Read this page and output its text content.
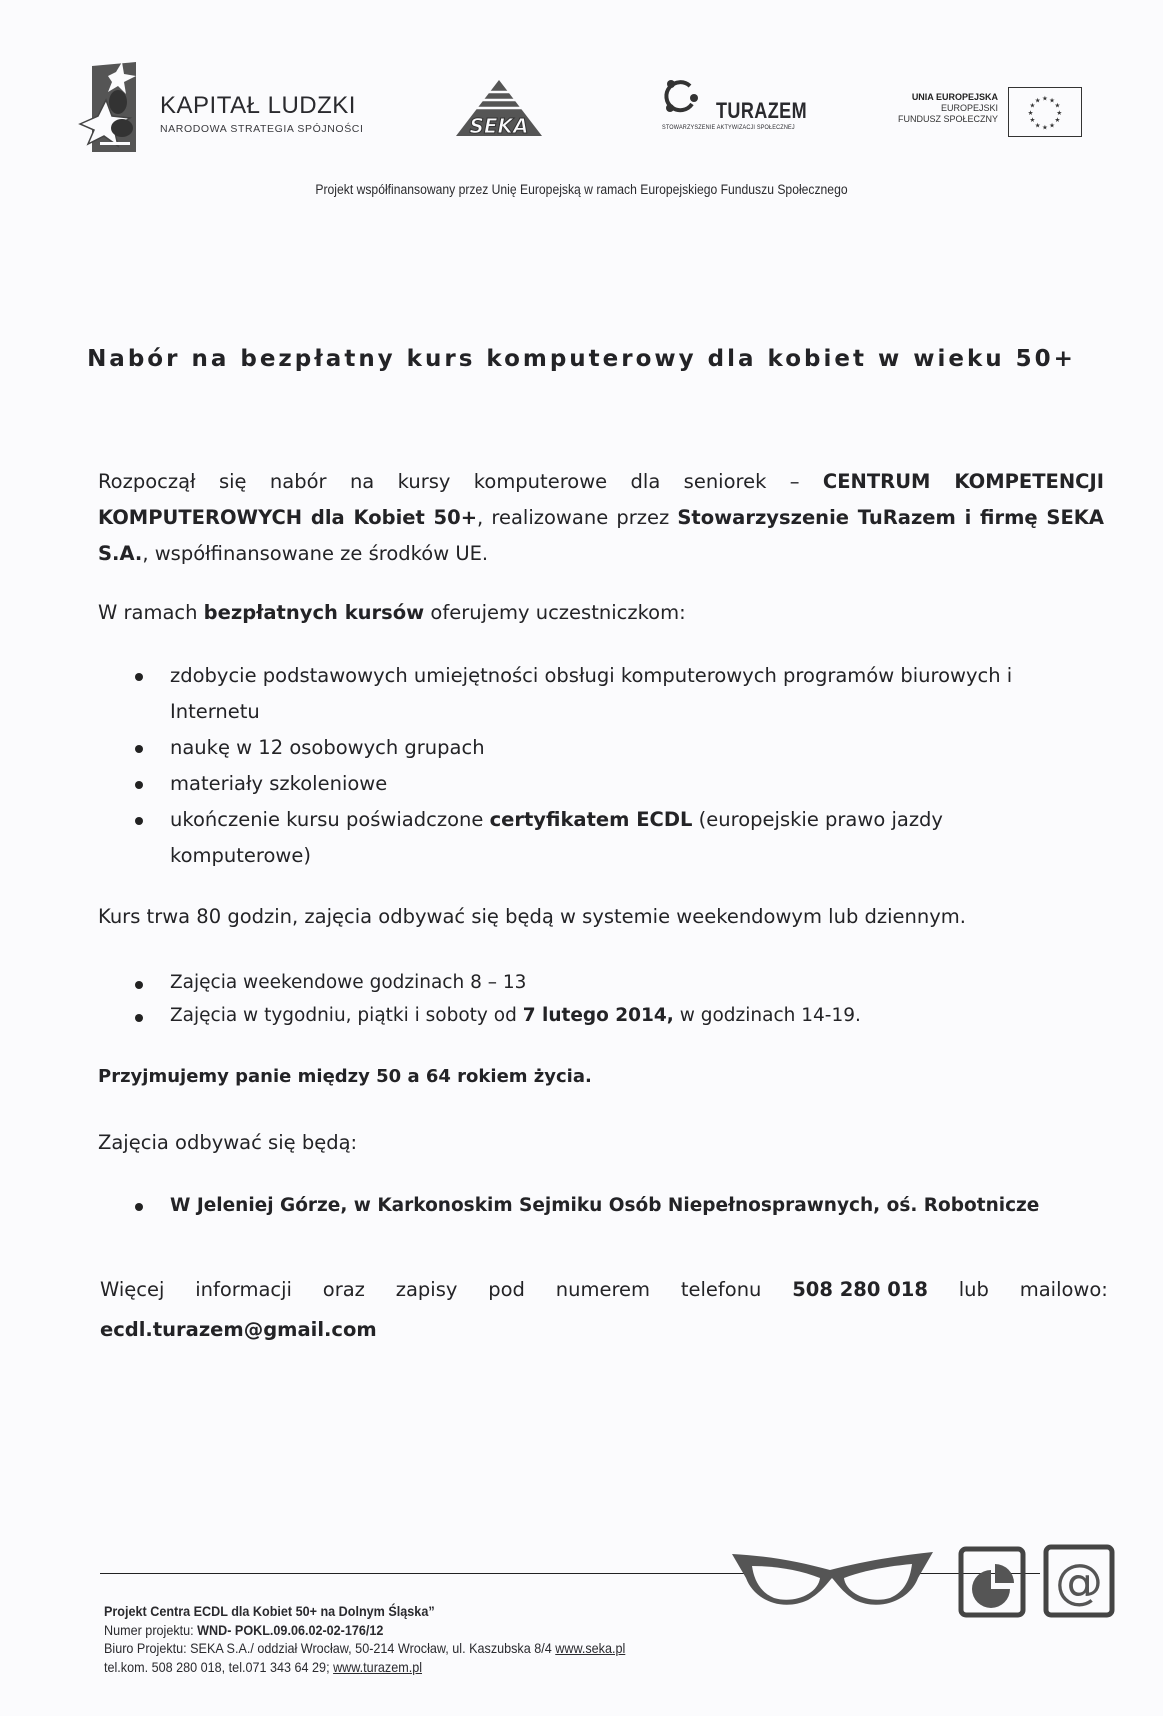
KAPITAŁ LUDZKI
NARODOWA STRATEGIA SPÓJNOŚCI	SEKA
TURAZEM
STOWARZYSZENIE AKTYWIZACJI SPOŁECZNEJ
UNIA EUROPEJSKA
EUROPEJSKI
FUNDUSZ SPOŁECZNY
★
★
★
★
★
★
★
★
★ ★ ★
★
Projekt współfinansowany przez Unię Europejską w ramach Europejskiego Funduszu Społecznego
Nabór na bezpłatny kurs komputerowy dla kobiet w wieku 50+
Rozpoczął się nabór na kursy komputerowe dla seniorek – CENTRUM KOMPETENCJI KOMPUTEROWYCH dla Kobiet 50+, realizowane przez Stowarzyszenie TuRazem i firmę SEKA S.A., współfinansowane ze środków UE.
W ramach bezpłatnych kursów oferujemy uczestniczkom:
zdobycie podstawowych umiejętności obsługi komputerowych programów biurowych i Internetu
naukę w 12 osobowych grupach
materiały szkoleniowe
ukończenie kursu poświadczone certyfikatem ECDL (europejskie prawo jazdy komputerowe)
Kurs trwa 80 godzin, zajęcia odbywać się będą w systemie weekendowym lub dziennym.
Zajęcia weekendowe godzinach 8 – 13
Zajęcia w tygodniu, piątki i soboty od 7 lutego 2014, w godzinach 14-19.
Przyjmujemy panie między 50 a 64 rokiem życia.
Zajęcia odbywać się będą:
W Jeleniej Górze, w Karkonoskim Sejmiku Osób Niepełnosprawnych, oś. Robotnicze
Więcej informacji oraz zapisy pod numerem telefonu 508 280 018 lub mailowo:
ecdl.turazem@gmail.com
@
Projekt Centra ECDL dla Kobiet 50+ na Dolnym Śląska”
Numer projektu: WND- POKL.09.06.02-02-176/12
Biuro Projektu: SEKA S.A./ oddział Wrocław, 50-214 Wrocław, ul. Kaszubska 8/4 www.seka.pl
tel.kom. 508 280 018, tel.071 343 64 29; www.turazem.pl
